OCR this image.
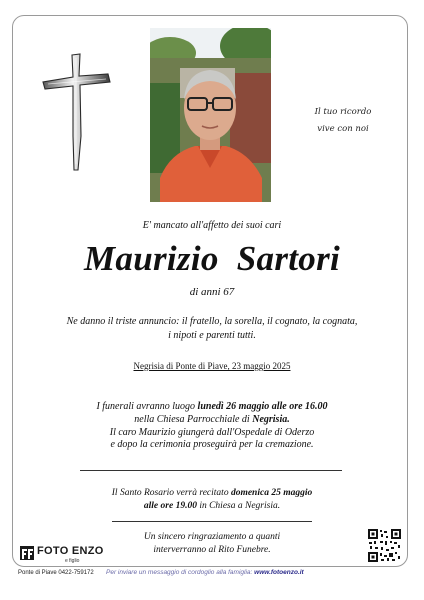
Il tuo ricordo
vive con noi
E' mancato all'affetto dei suoi cari
Maurizio  Sartori
di anni 67
Ne danno il triste annuncio: il fratello, la sorella, il cognato, la cognata,
i nipoti e parenti tutti.
Negrisia di Ponte di Piave, 23 maggio 2025
I funerali avranno luogo lunedì 26 maggio alle ore 16.00
nella Chiesa Parrocchiale di Negrisia.
Il caro Maurizio giungerà dall'Ospedale di Oderzo
e dopo la cerimonia proseguirà per la cremazione.
Il Santo Rosario verrà recitato domenica 25 maggio
alle ore 19.00 in Chiesa a Negrisia.
Un sincero ringraziamento a quanti
interverranno al Rito Funebre.
FOTO ENZO
e figlio
Ponte di Piave 0422-759172 Per inviare un messaggio di cordoglio alla famiglia: www.fotoenzo.it
